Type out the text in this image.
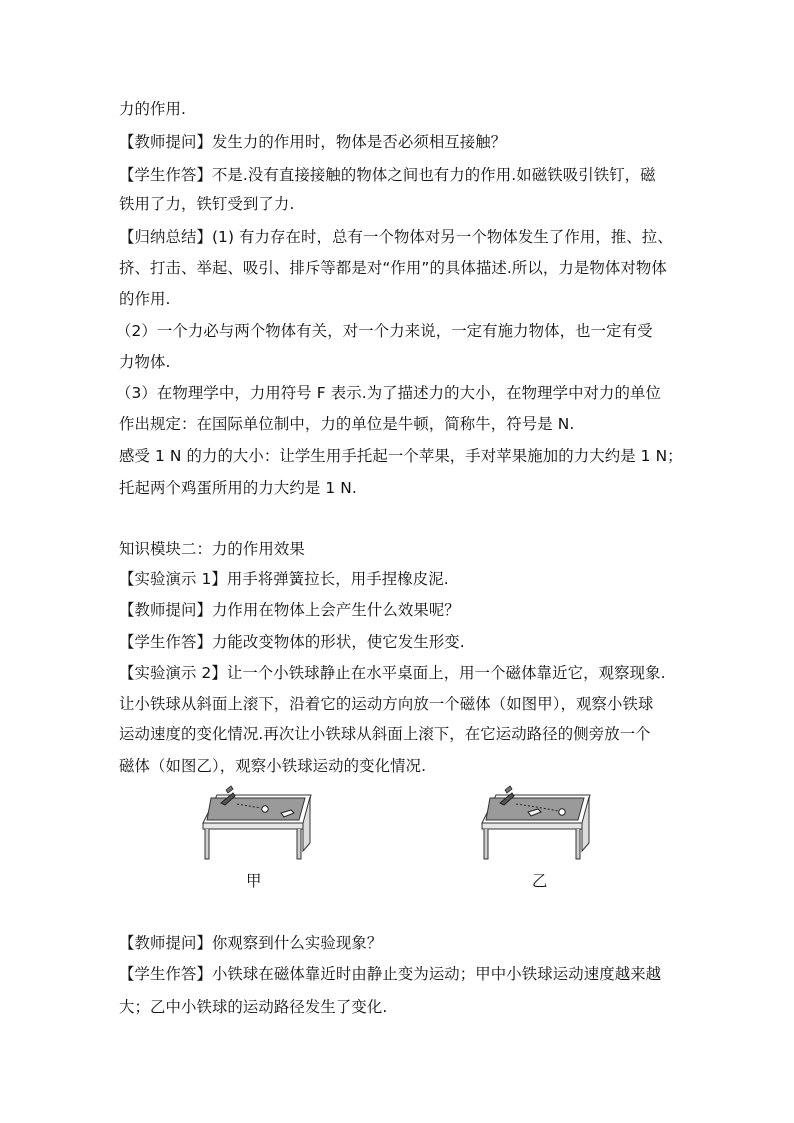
力的作用.

【教师提问】发生力的作用时，物体是否必须相互接触？

【学生作答】不是.没有直接接触的物体之间也有力的作用.如磁铁吸引铁钉，磁

铁用了力，铁钉受到了力.

【归纳总结】(1) 有力存在时，总有一个物体对另一个物体发生了作用，推、拉、

挤、打击、举起、吸引、排斥等都是对“作用”的具体描述.所以，力是物体对物体

的作用.

（2）一个力必与两个物体有关，对一个力来说，一定有施力物体，也一定有受

力物体.

（3）在物理学中，力用符号 F 表示.为了描述力的大小，在物理学中对力的单位

作出规定：在国际单位制中，力的单位是牛顿，简称牛，符号是 N.

感受 1 N 的力的大小：让学生用手托起一个苹果，手对苹果施加的力大约是 1 N；

托起两个鸡蛋所用的力大约是 1 N.

知识模块二：力的作用效果

【实验演示 1】用手将弹簧拉长，用手捏橡皮泥.

【教师提问】力作用在物体上会产生什么效果呢？

【学生作答】力能改变物体的形状，使它发生形变.

【实验演示 2】让一个小铁球静止在水平桌面上，用一个磁体靠近它，观察现象.

让小铁球从斜面上滚下，沿着它的运动方向放一个磁体（如图甲），观察小铁球

运动速度的变化情况.再次让小铁球从斜面上滚下，在它运动路径的侧旁放一个

磁体（如图乙），观察小铁球运动的变化情况.

甲	乙

【教师提问】你观察到什么实验现象？

【学生作答】小铁球在磁体靠近时由静止变为运动；甲中小铁球运动速度越来越

大；乙中小铁球的运动路径发生了变化.
